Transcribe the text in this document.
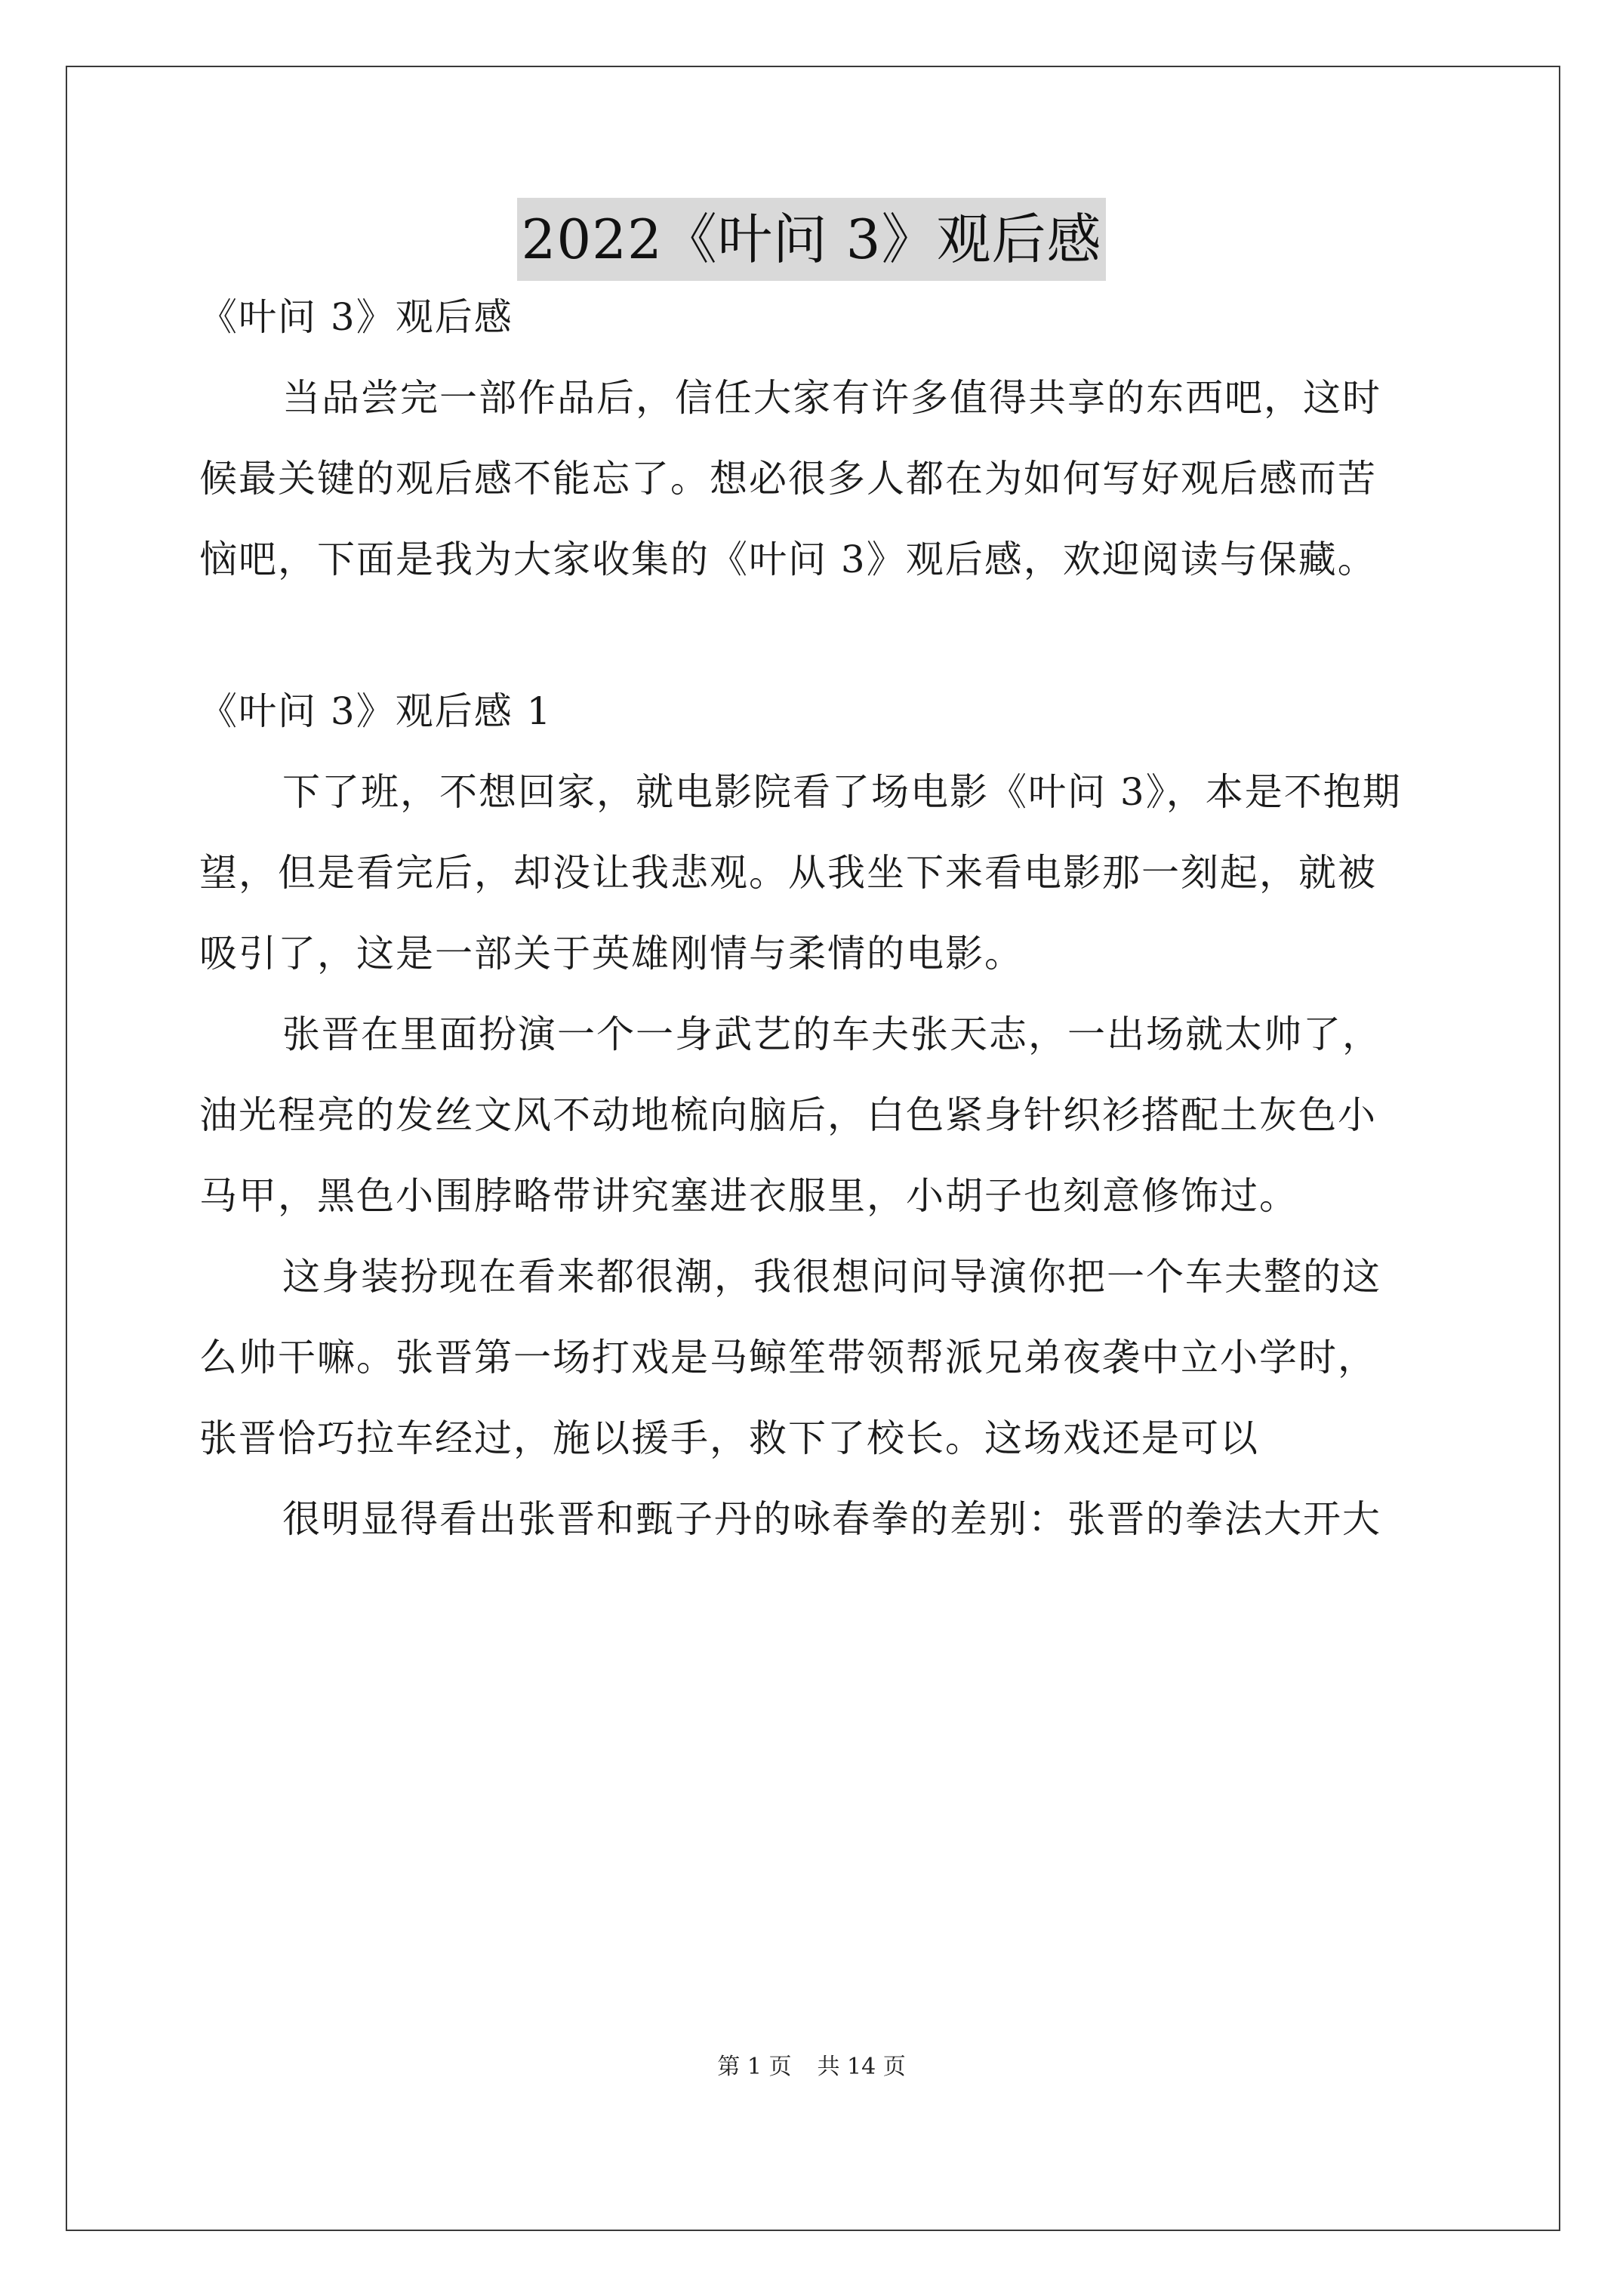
2022《叶问 3》观后感
《叶问 3》观后感
当品尝完一部作品后，信任大家有许多值得共享的东西吧，这时
候最关键的观后感不能忘了。想必很多人都在为如何写好观后感而苦
恼吧，下面是我为大家收集的《叶问 3》观后感，欢迎阅读与保藏。
《叶问 3》观后感 1
下了班，不想回家，就电影院看了场电影《叶问 3》，本是不抱期
望，但是看完后，却没让我悲观。从我坐下来看电影那一刻起，就被
吸引了，这是一部关于英雄刚情与柔情的电影。
张晋在里面扮演一个一身武艺的车夫张天志，一出场就太帅了，
油光程亮的发丝文风不动地梳向脑后，白色紧身针织衫搭配土灰色小
马甲，黑色小围脖略带讲究塞进衣服里，小胡子也刻意修饰过。
这身装扮现在看来都很潮，我很想问问导演你把一个车夫整的这
么帅干嘛。张晋第一场打戏是马鲸笙带领帮派兄弟夜袭中立小学时，
张晋恰巧拉车经过，施以援手，救下了校长。这场戏还是可以
很明显得看出张晋和甄子丹的咏春拳的差别：张晋的拳法大开大
第 1 页 共 14 页
